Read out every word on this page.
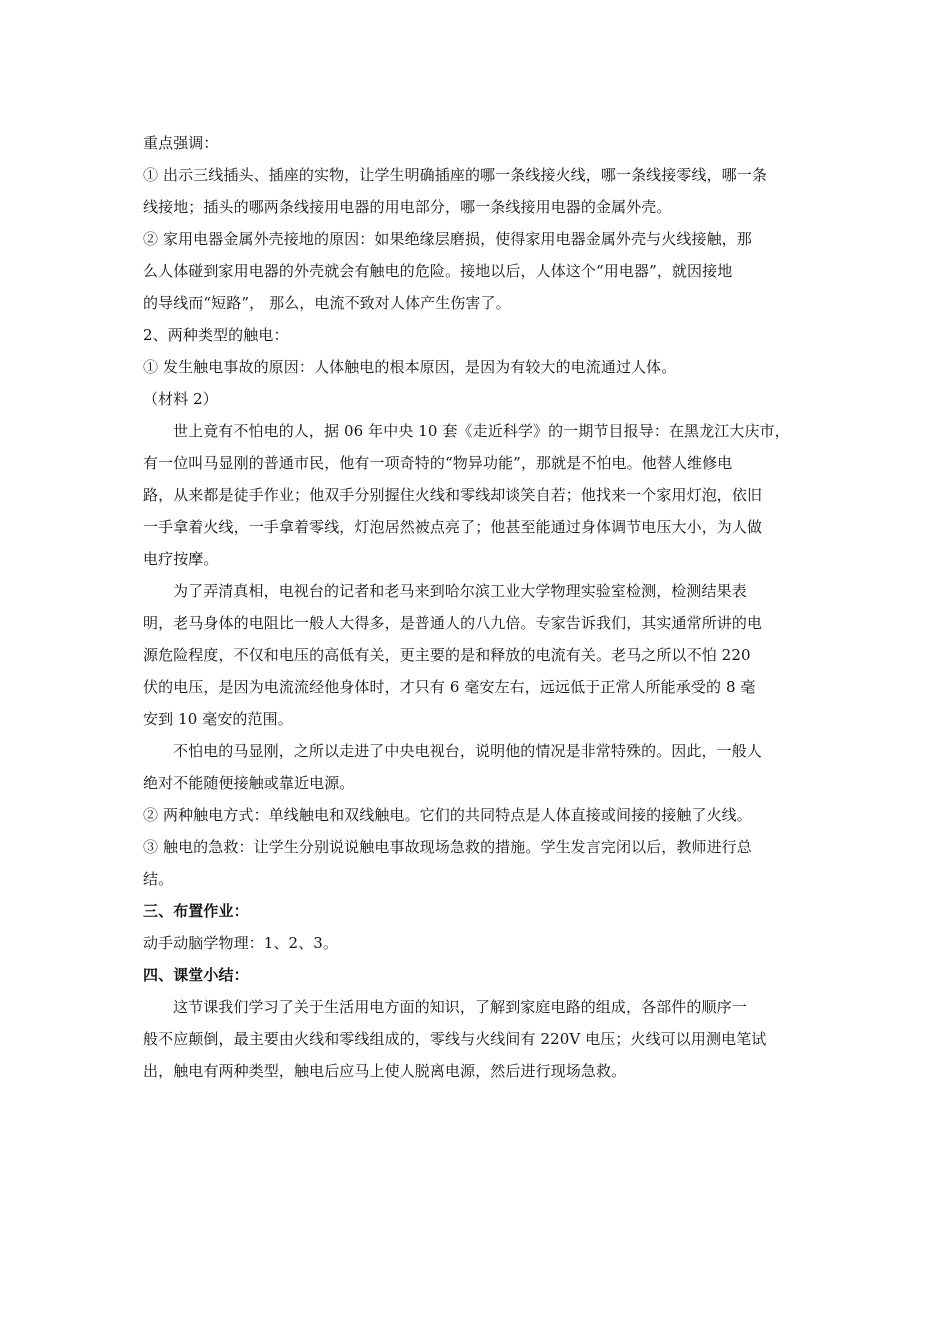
重点强调：
① 出示三线插头、插座的实物，让学生明确插座的哪一条线接火线，哪一条线接零线，哪一条
线接地；插头的哪两条线接用电器的用电部分，哪一条线接用电器的金属外壳。
② 家用电器金属外壳接地的原因：如果绝缘层磨损，使得家用电器金属外壳与火线接触，那
么人体碰到家用电器的外壳就会有触电的危险。接地以后，人体这个“用电器”，就因接地
的导线而“短路”， 那么，电流不致对人体产生伤害了。
2、两种类型的触电：
① 发生触电事故的原因：人体触电的根本原因，是因为有较大的电流通过人体。
（材料 2）
世上竟有不怕电的人，据 06 年中央 10 套《走近科学》的一期节目报导：在黑龙江大庆市，
有一位叫马显刚的普通市民，他有一项奇特的“物异功能”，那就是不怕电。他替人维修电
路，从来都是徒手作业；他双手分别握住火线和零线却谈笑自若；他找来一个家用灯泡，依旧
一手拿着火线，一手拿着零线，灯泡居然被点亮了；他甚至能通过身体调节电压大小，为人做
电疗按摩。
为了弄清真相，电视台的记者和老马来到哈尔滨工业大学物理实验室检测，检测结果表
明，老马身体的电阻比一般人大得多，是普通人的八九倍。专家告诉我们，其实通常所讲的电
源危险程度，不仅和电压的高低有关，更主要的是和释放的电流有关。老马之所以不怕 220
伏的电压，是因为电流流经他身体时，才只有 6 毫安左右，远远低于正常人所能承受的 8 毫
安到 10 毫安的范围。
不怕电的马显刚，之所以走进了中央电视台，说明他的情况是非常特殊的。因此，一般人
绝对不能随便接触或靠近电源。
② 两种触电方式：单线触电和双线触电。它们的共同特点是人体直接或间接的接触了火线。
③ 触电的急救：让学生分别说说触电事故现场急救的措施。学生发言完闭以后，教师进行总
结。
三、布置作业：
动手动脑学物理：1、2、3。
四、课堂小结：
这节课我们学习了关于生活用电方面的知识，了解到家庭电路的组成，各部件的顺序一
般不应颠倒，最主要由火线和零线组成的，零线与火线间有 220V 电压；火线可以用测电笔试
出，触电有两种类型，触电后应马上使人脱离电源，然后进行现场急救。
